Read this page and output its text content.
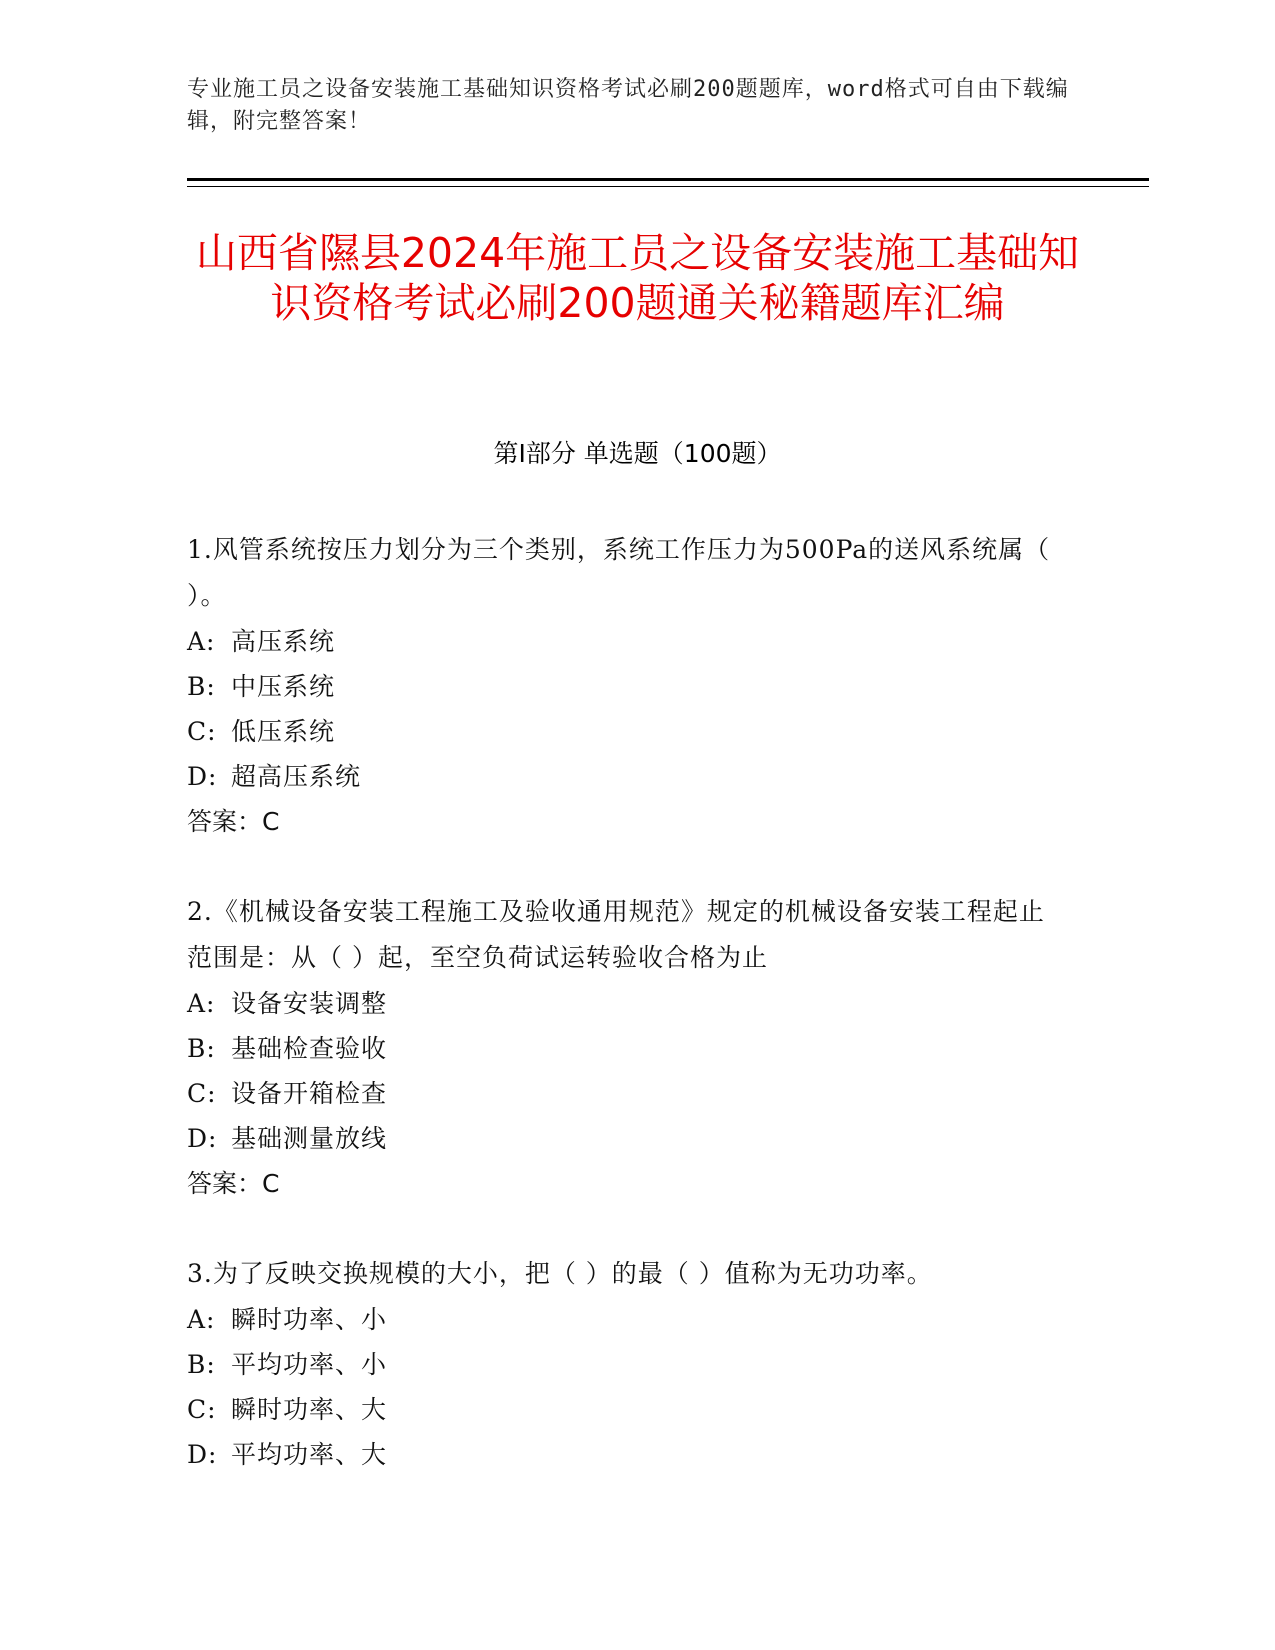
专业施工员之设备安装施工基础知识资格考试必刷200题题库，word格式可自由下载编辑，附完整答案！
山西省隰县2024年施工员之设备安装施工基础知识资格考试必刷200题通关秘籍题库汇编
第Ⅰ部分 单选题（100题）

1.风管系统按压力划分为三个类别，系统工作压力为500Pa的送风系统属（ ）。

A: 高压系统

B: 中压系统

C: 低压系统

D: 超高压系统

答案：C

2.《机械设备安装工程施工及验收通用规范》规定的机械设备安装工程起止范围是：从（ ）起，至空负荷试运转验收合格为止

A: 设备安装调整

B: 基础检查验收

C: 设备开箱检查

D: 基础测量放线

答案：C

3.为了反映交换规模的大小，把（ ）的最（ ）值称为无功功率。

A: 瞬时功率、小

B: 平均功率、小

C: 瞬时功率、大

D: 平均功率、大
